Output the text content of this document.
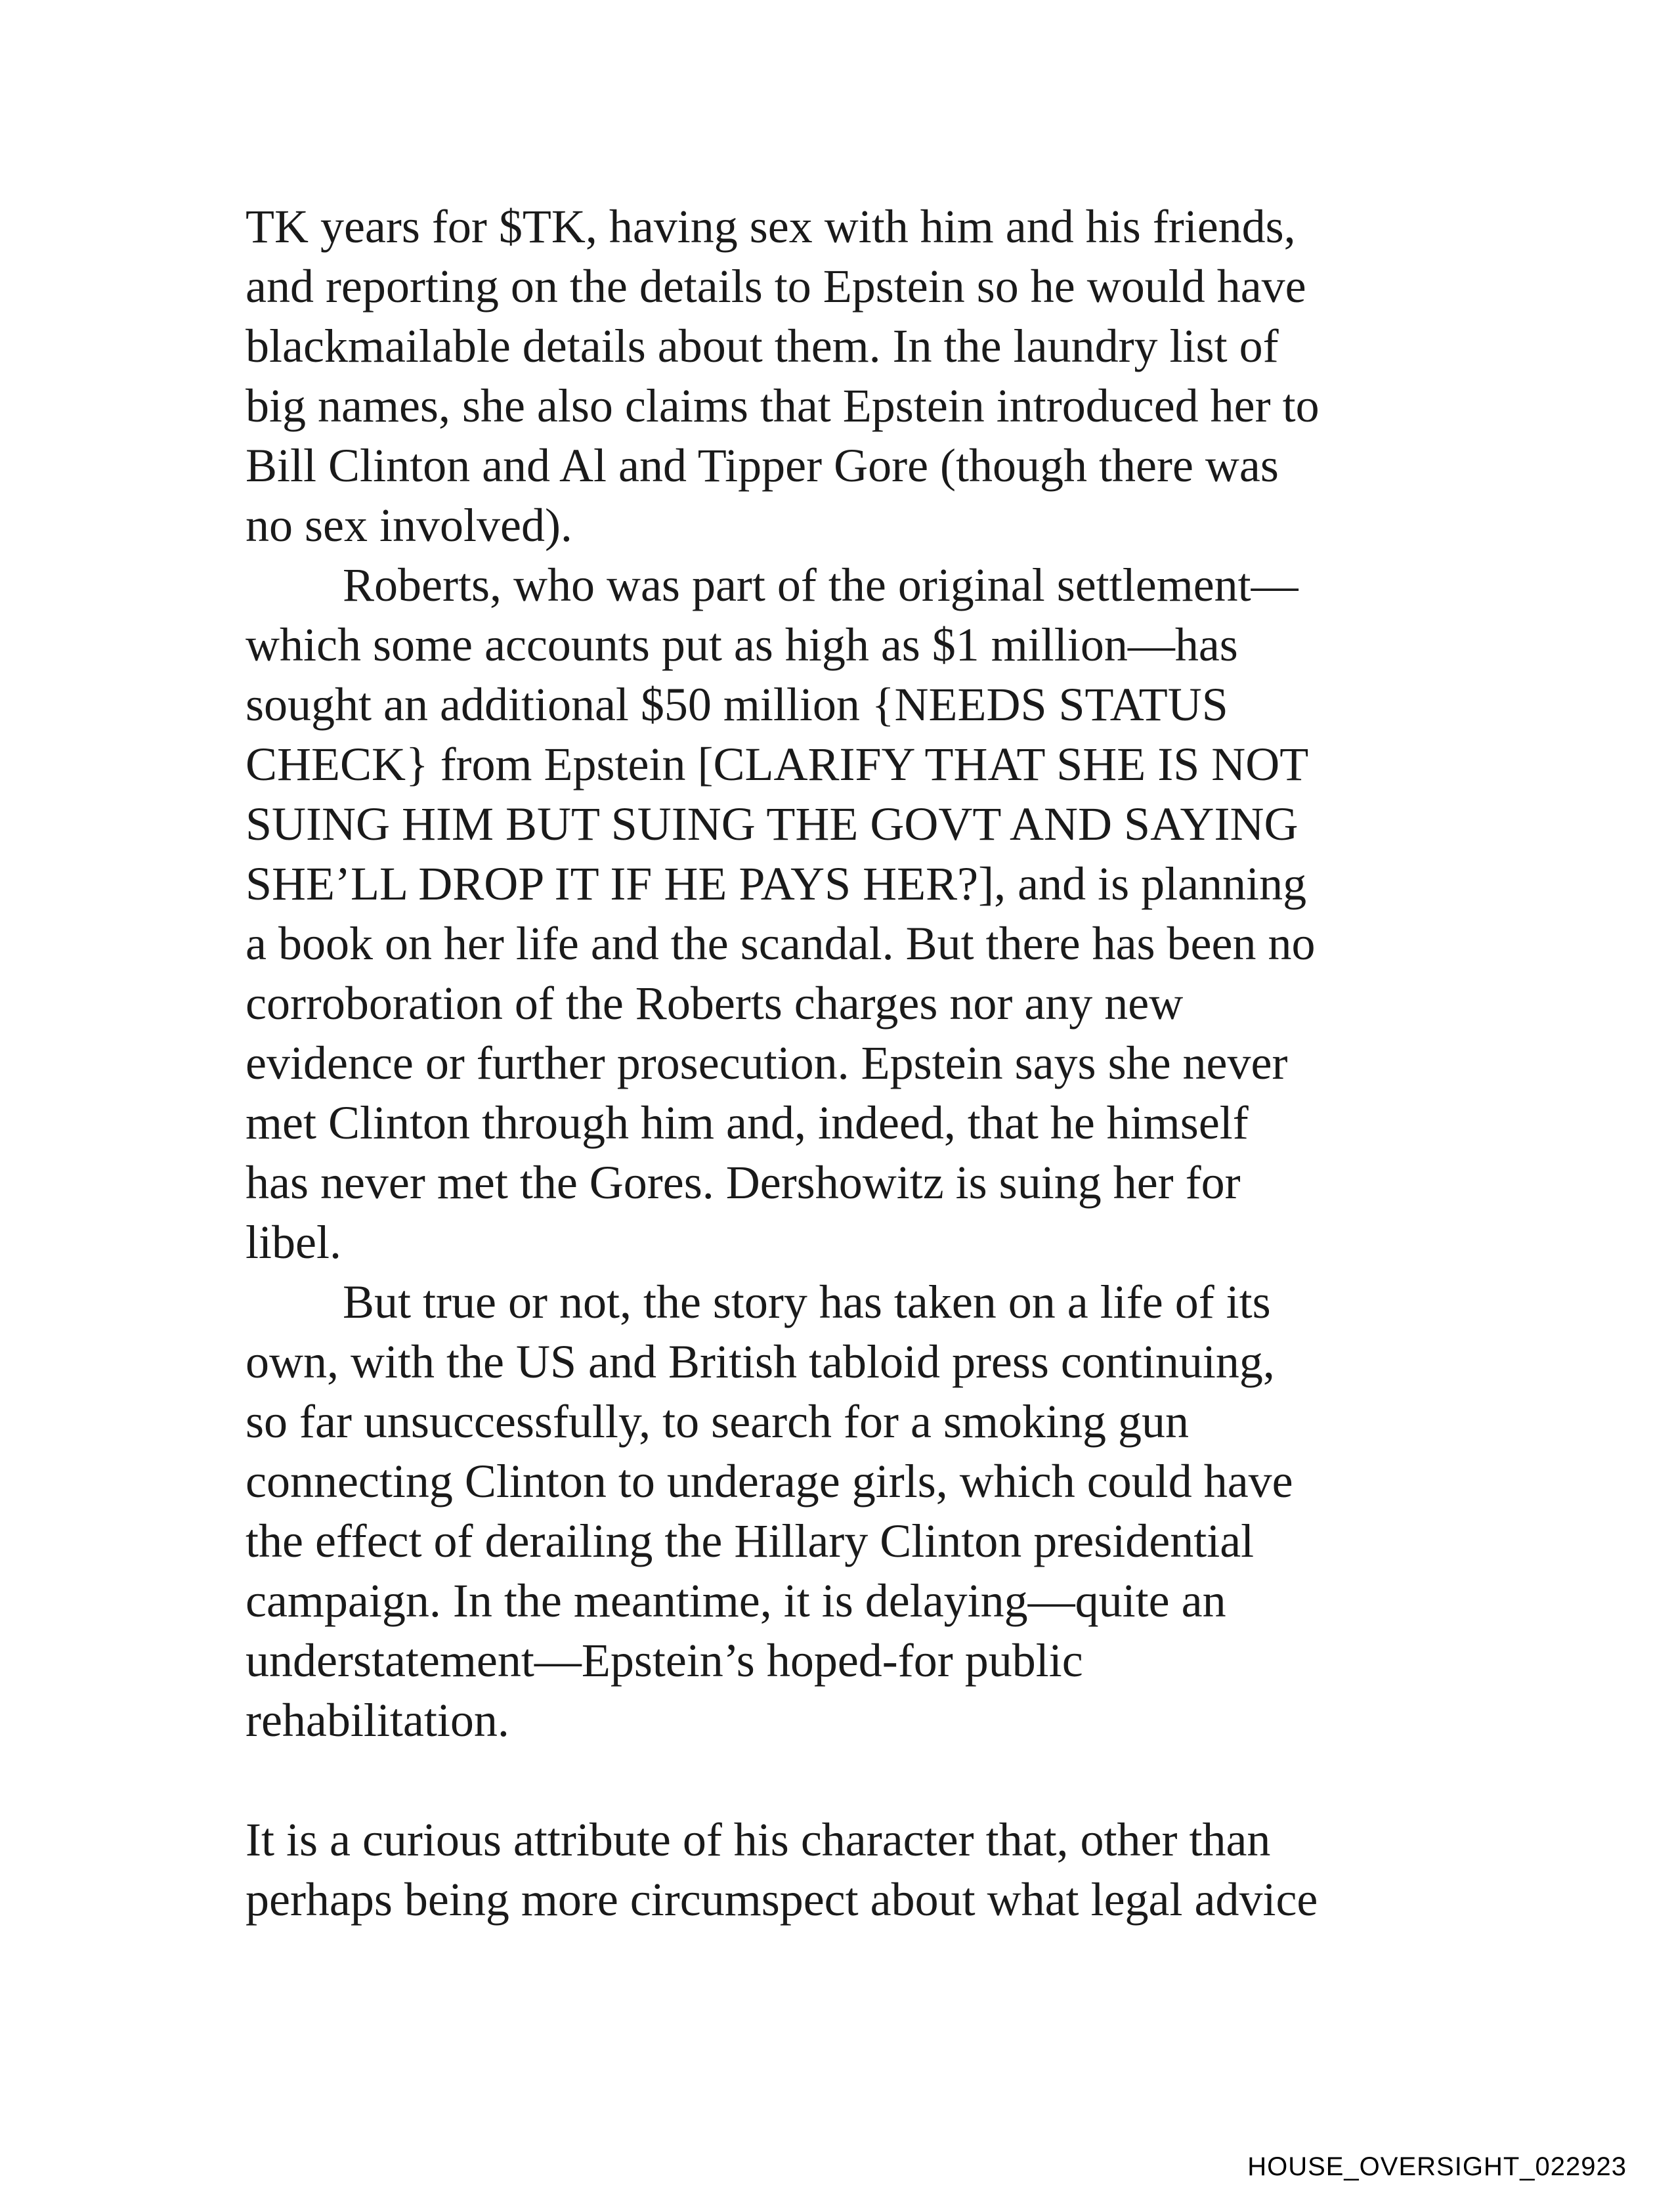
TK years for $TK, having sex with him and his friends,
and reporting on the details to Epstein so he would have
blackmailable details about them. In the laundry list of
big names, she also claims that Epstein introduced her to
Bill Clinton and Al and Tipper Gore (though there was
no sex involved).
Roberts, who was part of the original settlement—
which some accounts put as high as $1 million—has
sought an additional $50 million {NEEDS STATUS
CHECK} from Epstein [CLARIFY THAT SHE IS NOT
SUING HIM BUT SUING THE GOVT AND SAYING
SHE’LL DROP IT IF HE PAYS HER?], and is planning
a book on her life and the scandal. But there has been no
corroboration of the Roberts charges nor any new
evidence or further prosecution. Epstein says she never
met Clinton through him and, indeed, that he himself
has never met the Gores. Dershowitz is suing her for
libel.
But true or not, the story has taken on a life of its
own, with the US and British tabloid press continuing,
so far unsuccessfully, to search for a smoking gun
connecting Clinton to underage girls, which could have
the effect of derailing the Hillary Clinton presidential
campaign. In the meantime, it is delaying—quite an
understatement—Epstein’s hoped-for public
rehabilitation.
It is a curious attribute of his character that, other than
perhaps being more circumspect about what legal advice
HOUSE_OVERSIGHT_022923
